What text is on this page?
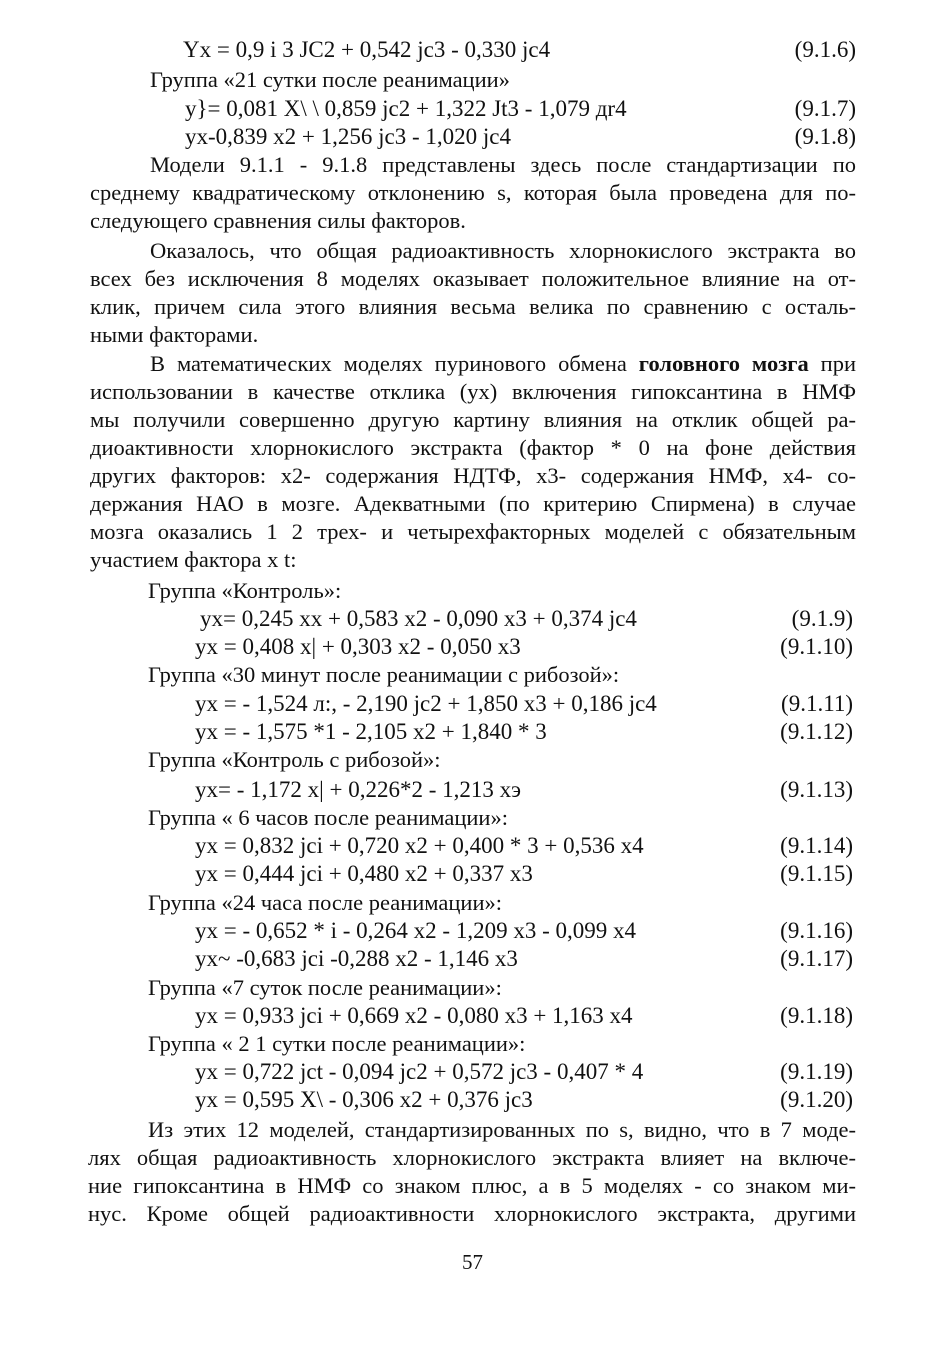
Yx = 0,9 i 3 JC2 + 0,542 jc3 - 0,330 jc4	(9.1.6)
Группа «21 сутки после реанимации»
y}= 0,081 X\ \ 0,859 jc2 + 1,322 Jt3 - 1,079 дr4	(9.1.7)
yx-0,839 x2 + 1,256 jc3 - 1,020 jc4	(9.1.8)
Модели 9.1.1 - 9.1.8 представлены здесь после стандартизации по
среднему квадратическому отклонению s, которая была проведена для по-
следующего сравнения силы факторов.
Оказалось, что общая радиоактивность хлорнокислого экстракта во
всех без исключения 8 моделях оказывает положительное влияние на от-
клик, причем сила этого влияния весьма велика по сравнению с осталь-
ными факторами.
В математических моделях пуринового обмена головного мозга при
использовании в качестве отклика (yx) включения гипоксантина в НМФ
мы получили совершенно другую картину влияния на отклик общей ра-
диоактивности хлорнокислого экстракта (фактор * 0 на фоне действия
других факторов: x2- содержания НДТФ, x3- содержания НМФ, x4- со-
держания НАО в мозге. Адекватными (по критерию Спирмена) в случае
мозга оказались 1 2 трех- и четырехфакторных моделей с обязательным
участием фактора x t:
Группа «Контроль»:
yx= 0,245 xx + 0,583 x2 - 0,090 x3 + 0,374 jc4	(9.1.9)
yx = 0,408 x| + 0,303 x2 - 0,050 x3	(9.1.10)
Группа «30 минут после реанимации с рибозой»:
yx = - 1,524 л:, - 2,190 jc2 + 1,850 x3 + 0,186 jc4	(9.1.11)
yx = - 1,575 *1 - 2,105 x2 + 1,840 * 3	(9.1.12)
Группа «Контроль с рибозой»:
yx= - 1,172 x| + 0,226*2 - 1,213 xэ	(9.1.13)
Группа « 6 часов после реанимации»:
yx = 0,832 jci + 0,720 x2 + 0,400 * 3 + 0,536 x4	(9.1.14)
yx = 0,444 jci + 0,480 x2 + 0,337 x3	(9.1.15)
Группа «24 часа после реанимации»:
yx = - 0,652 * i - 0,264 x2 - 1,209 x3 - 0,099 x4	(9.1.16)
yx~ -0,683 jci -0,288 x2 - 1,146 x3	(9.1.17)
Группа «7 суток после реанимации»:
yx = 0,933 jci + 0,669 x2 - 0,080 x3 + 1,163 x4	(9.1.18)
Группа « 2 1 сутки после реанимации»:
yx = 0,722 jct - 0,094 jc2 + 0,572 jc3 - 0,407 * 4	(9.1.19)
yx = 0,595 X\ - 0,306 x2 + 0,376 jc3	(9.1.20)
Из этих 12 моделей, стандартизированных по s, видно, что в 7 моде-
лях общая радиоактивность хлорнокислого экстракта влияет на включе-
ние гипоксантина в НМФ со знаком плюс, а в 5 моделях - со знаком ми-
нус. Кроме общей радиоактивности хлорнокислого экстракта, другими
57
